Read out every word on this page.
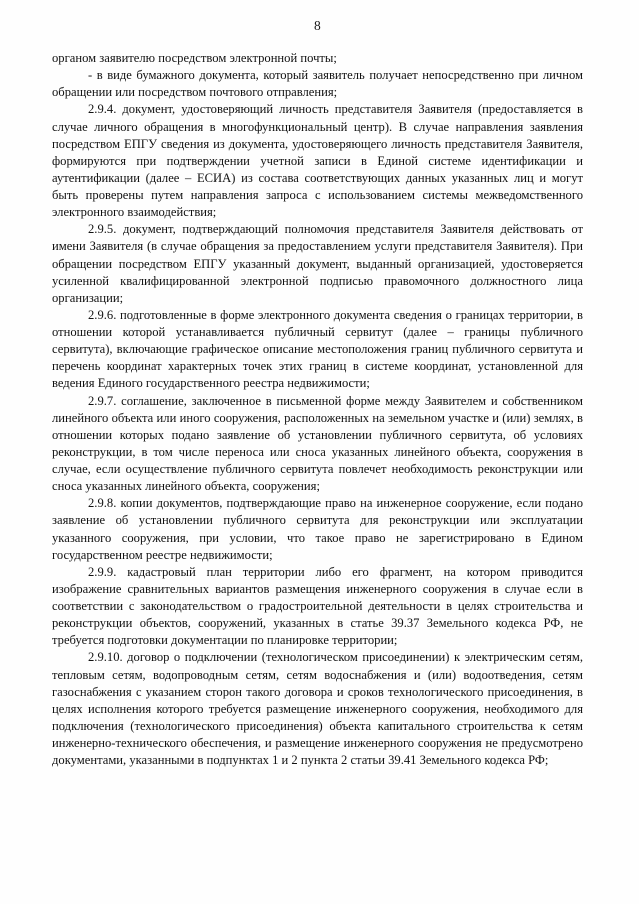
8

органом заявителю посредством электронной почты;

- в виде бумажного документа, который заявитель получает непосредственно при личном обращении или посредством почтового отправления;

2.9.4. документ, удостоверяющий личность представителя Заявителя (предоставляется в случае личного обращения в многофункциональный центр). В случае направления заявления посредством ЕПГУ сведения из документа, удостоверяющего личность представителя Заявителя, формируются при подтверждении учетной записи в Единой системе идентификации и аутентификации (далее – ЕСИА) из состава соответствующих данных указанных лиц и могут быть проверены путем направления запроса с использованием системы межведомственного электронного взаимодействия;

2.9.5. документ, подтверждающий полномочия представителя Заявителя действовать от имени Заявителя (в случае обращения за предоставлением услуги представителя Заявителя). При обращении посредством ЕПГУ указанный документ, выданный организацией, удостоверяется усиленной квалифицированной электронной подписью правомочного должностного лица организации;

2.9.6. подготовленные в форме электронного документа сведения о границах территории, в отношении которой устанавливается публичный сервитут (далее – границы публичного сервитута), включающие графическое описание местоположения границ публичного сервитута и перечень координат характерных точек этих границ в системе координат, установленной для ведения Единого государственного реестра недвижимости;

2.9.7. соглашение, заключенное в письменной форме между Заявителем и собственником линейного объекта или иного сооружения, расположенных на земельном участке и (или) землях, в отношении которых подано заявление об установлении публичного сервитута, об условиях реконструкции, в том числе переноса или сноса указанных линейного объекта, сооружения в случае, если осуществление публичного сервитута повлечет необходимость реконструкции или сноса указанных линейного объекта, сооружения;

2.9.8. копии документов, подтверждающие право на инженерное сооружение, если подано заявление об установлении публичного сервитута для реконструкции или эксплуатации указанного сооружения, при условии, что такое право не зарегистрировано в Едином государственном реестре недвижимости;

2.9.9. кадастровый план территории либо его фрагмент, на котором приводится изображение сравнительных вариантов размещения инженерного сооружения в случае если в соответствии с законодательством о градостроительной деятельности в целях строительства и реконструкции объектов, сооружений, указанных в статье 39.37 Земельного кодекса РФ, не требуется подготовки документации по планировке территории;

2.9.10. договор о подключении (технологическом присоединении) к электрическим сетям, тепловым сетям, водопроводным сетям, сетям водоснабжения и (или) водоотведения, сетям газоснабжения с указанием сторон такого договора и сроков технологического присоединения, в целях исполнения которого требуется размещение инженерного сооружения, необходимого для подключения (технологического присоединения) объекта капитального строительства к сетям инженерно-технического обеспечения, и размещение инженерного сооружения не предусмотрено документами, указанными в подпунктах 1 и 2 пункта 2 статьи 39.41 Земельного кодекса РФ;
